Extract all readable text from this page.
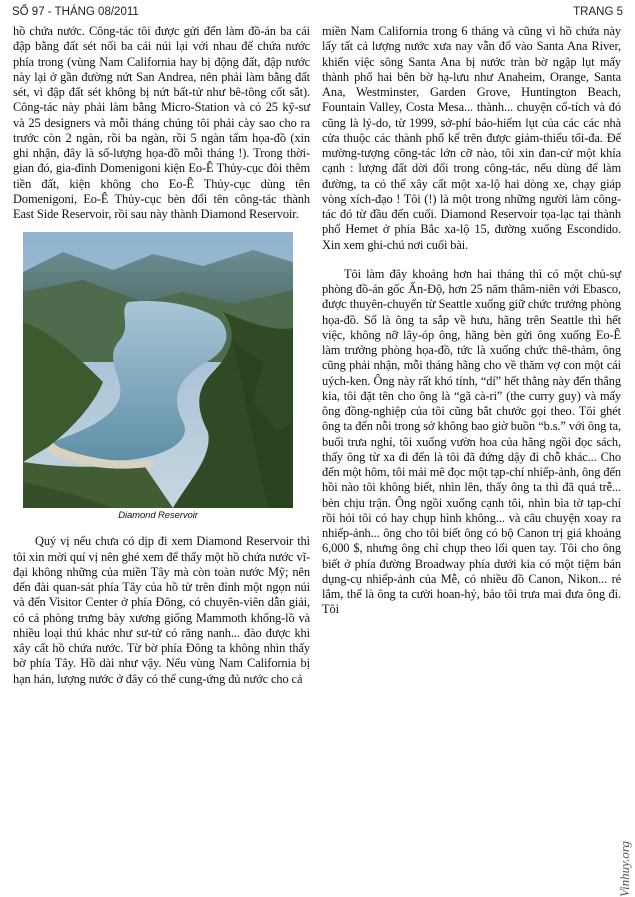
SỐ 97 - THÁNG 08/2011	TRANG 5

hồ chứa nước. Công-tác tôi được gửi đến làm đồ-án ba cái đập bằng đất sét nối ba cái núi lại với nhau để chứa nước phía trong (vùng Nam California hay bị động đất, đập nước này lại ở gần đường nứt San Andrea, nên phải làm bằng đất sét, vì đập đất sét không bị nứt bất-tử như bê-tông cốt sắt). Công-tác này phải làm bằng Micro-Station và có 25 kỹ-sư và 25 designers và mỗi tháng chúng tôi phải cày sao cho ra trước còn 2 ngàn, rồi ba ngàn, rồi 5 ngàn tấm họa-đồ (xin ghi nhận, đây là số-lượng họa-đồ mỗi tháng !). Trong thời-gian đó, gia-đình Domenigoni kiện Eo-Ê Thủy-cục đòi thêm tiền đất, kiện không cho Eo-Ê Thủy-cục dùng tên Domenigoni, Eo-Ê Thủy-cục bèn đổi tên công-tác thành East Side Reservoir, rồi sau này thành Diamond Reservoir.

Diamond Reservoir

Quý vị nếu chưa có dịp đi xem Diamond Reservoir thì tôi xin mời quí vị nên ghé xem để thấy một hồ chứa nước vĩ-đại không những của miền Tây mà còn toàn nước Mỹ; nên đến đài quan-sát phía Tây của hồ từ trên đỉnh một ngọn núi và đến Visitor Center ở phía Đông, có chuyên-viên dẫn giải, có cả phòng trưng bày xương giống Mammoth khổng-lồ và nhiều loại thú khác như sư-tử có răng nanh... đào được khi xây cất hồ chứa nước. Từ bờ phía Đông ta không nhìn thấy bờ phía Tây. Hồ dài như vậy. Nếu vùng Nam California bị hạn hán, lượng nước ở đây có thể cung-ứng đủ nước cho cả

miền Nam California trong 6 tháng và cũng vì hồ chứa này lấy tất cả lượng nước xưa nay vẫn đổ vào Santa Ana River, khiến việc sông Santa Ana bị nước tràn bờ ngập lụt mấy thành phố hai bên bờ hạ-lưu như Anaheim, Orange, Santa Ana, Westminster, Garden Grove, Huntington Beach, Fountain Valley, Costa Mesa... thành... chuyện cổ-tích và đó cũng là lý-do, từ 1999, sở-phí bảo-hiểm lụt của các các nhà cửa thuộc các thành phố kể trên được giảm-thiểu tối-đa. Để mường-tượng công-tác lớn cỡ nào, tôi xin đan-cử một khía cạnh : lượng đất dời đổi trong công-tác, nếu dùng để làm đường, ta có thể xây cất một xa-lộ hai dòng xe, chạy giáp vòng xích-đạo ! Tôi (!) là một trong những người làm công-tác đó từ đầu đến cuối. Diamond Reservoir tọa-lạc tại thành phố Hemet ở phía Bắc xa-lộ 15, đường xuống Escondido. Xin xem ghi-chú nơi cuối bài.

Tôi làm đây khoảng hơn hai tháng thì có một chủ-sự phòng đồ-án gốc Ấn-Độ, hơn 25 năm thâm-niên với Ebasco, được thuyên-chuyển từ Seattle xuống giữ chức trưởng phòng họa-đồ. Số là ông ta sắp về hưu, hãng trên Seattle thì hết việc, không nỡ lây-óp ông, hãng bèn gửi ông xuống Eo-Ê làm trưởng phòng họa-đồ, tức là xuống chức thê-thảm, ông cũng phải nhận, mỗi tháng hãng cho về thăm vợ con một cái uých-ken. Ông này rất khó tính, “dí” hết thẳng này đến thẳng kia, tôi đặt tên cho ông là “gã cà-ri” (the curry guy) và mấy ông đồng-nghiệp của tôi cũng bắt chước gọi theo. Tôi ghét ông ta đến nỗi trong sở không bao giờ buồn “b.s.” với ông ta, buổi trưa nghỉ, tôi xuống vườn hoa của hãng ngồi đọc sách, thấy ông từ xa đi đến là tôi đã đứng dậy đi chỗ khác... Cho đến một hôm, tôi mải mê đọc một tạp-chí nhiếp-ảnh, ông đến hồi nào tôi không biết, nhìn lên, thấy ông ta thì đã quá trễ... bèn chịu trận. Ông ngồi xuống cạnh tôi, nhìn bìa tờ tạp-chí rồi hỏi tôi có hay chụp hình không... và câu chuyện xoay ra nhiếp-ảnh... ông cho tôi biết ông có bộ Canon trị giá khoảng 6,000 $, nhưng ông chỉ chụp theo lối quen tay. Tôi cho ông biết ở phía đường Broadway phía dưới kia có một tiệm bán dụng-cụ nhiếp-ảnh của Mễ, có nhiều đồ Canon, Nikon... rẻ lắm, thế là ông ta cười hoan-hỷ, bảo tôi trưa mai đưa ông đi. Tôi

Vinhuy.org
